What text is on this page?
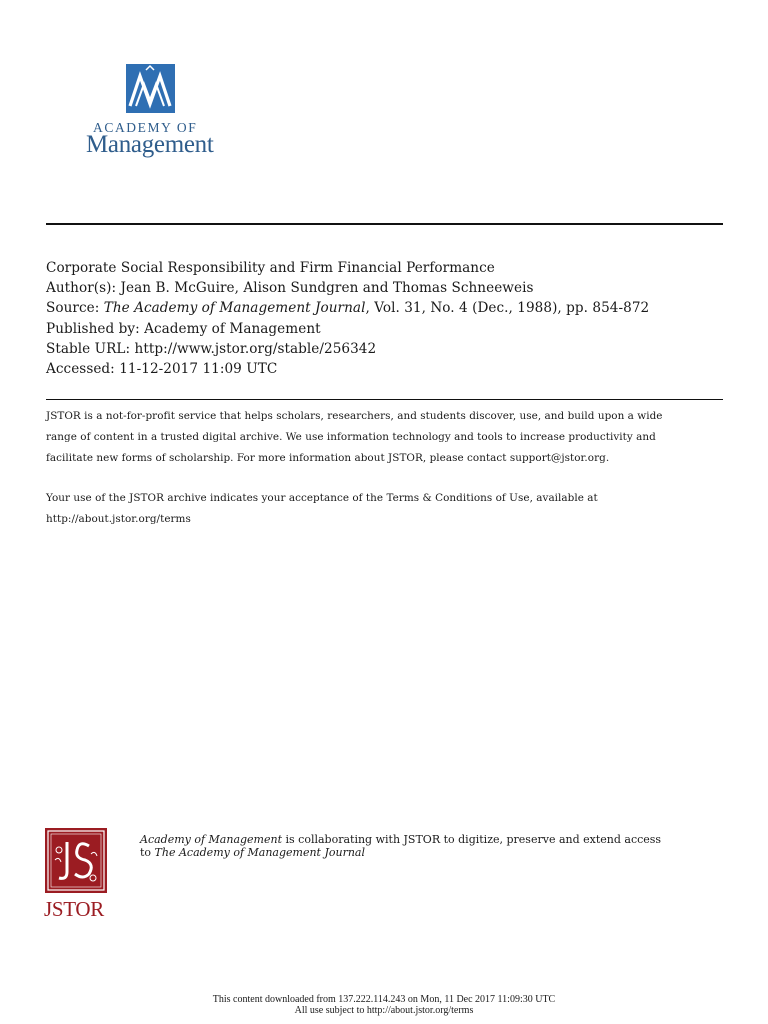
ACADEMY OF
Management
Corporate Social Responsibility and Firm Financial Performance
Author(s): Jean B. McGuire, Alison Sundgren and Thomas Schneeweis
Source: The Academy of Management Journal, Vol. 31, No. 4 (Dec., 1988), pp. 854-872
Published by: Academy of Management
Stable URL: http://www.jstor.org/stable/256342
Accessed: 11-12-2017 11:09 UTC
JSTOR is a not-for-profit service that helps scholars, researchers, and students discover, use, and build upon a wide
range of content in a trusted digital archive. We use information technology and tools to increase productivity and
facilitate new forms of scholarship. For more information about JSTOR, please contact support@jstor.org.
Your use of the JSTOR archive indicates your acceptance of the Terms & Conditions of Use, available at
http://about.jstor.org/terms
JSTOR
Academy of Management is collaborating with JSTOR to digitize, preserve and extend access
to The Academy of Management Journal
This content downloaded from 137.222.114.243 on Mon, 11 Dec 2017 11:09:30 UTC
All use subject to http://about.jstor.org/terms
